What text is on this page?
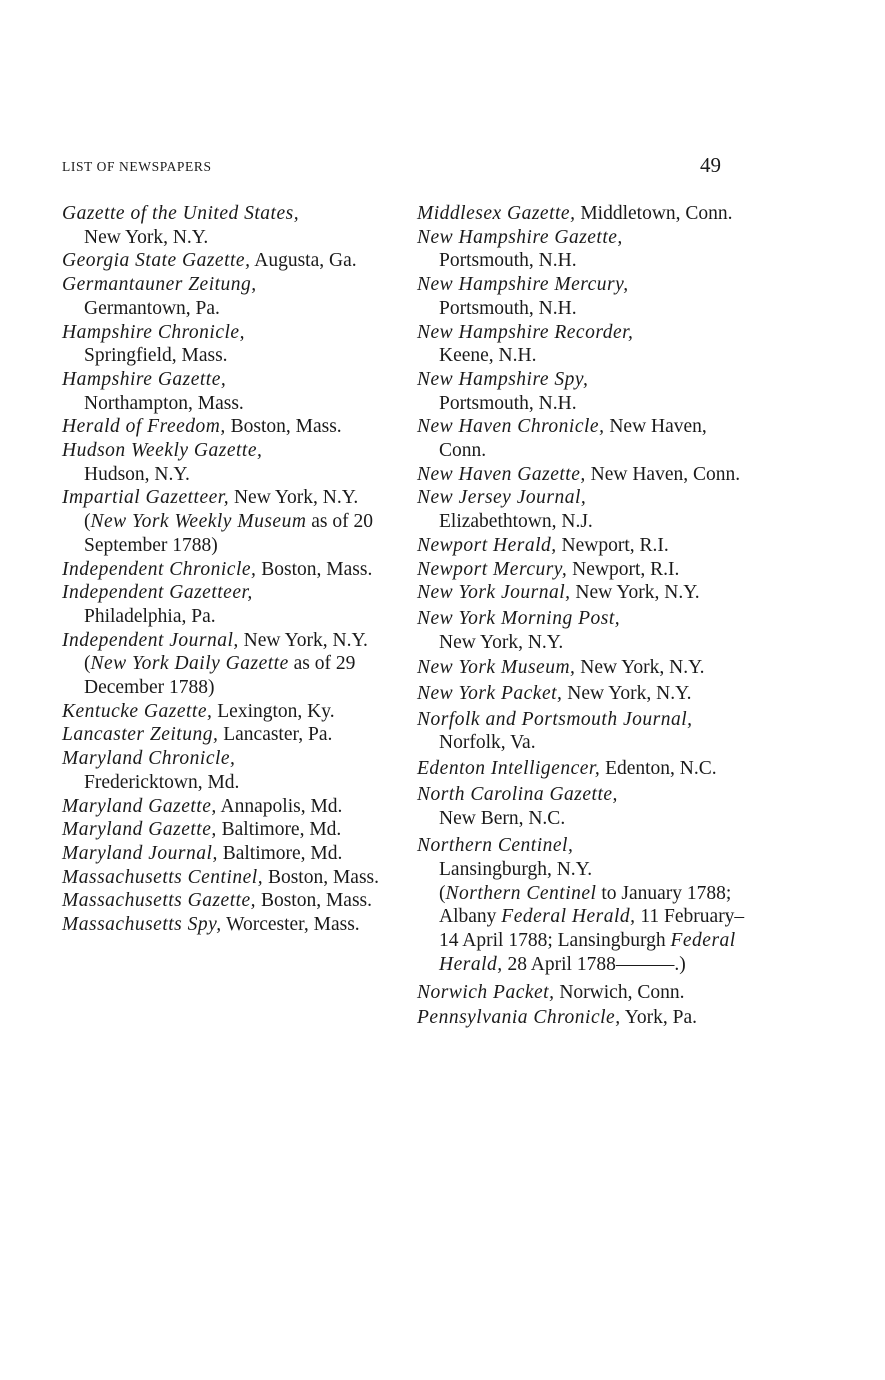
LIST OF NEWSPAPERS	49

Gazette of the United States,
New York, N.Y.

Georgia State Gazette, Augusta, Ga.

Germantauner Zeitung,
Germantown, Pa.

Hampshire Chronicle,
Springfield, Mass.

Hampshire Gazette,
Northampton, Mass.

Herald of Freedom, Boston, Mass.

Hudson Weekly Gazette,
Hudson, N.Y.

Impartial Gazetteer, New York, N.Y. (New York Weekly Museum as of 20 September 1788)

Independent Chronicle, Boston, Mass.

Independent Gazetteer,
Philadelphia, Pa.

Independent Journal, New York, N.Y. (New York Daily Gazette as of 29 December 1788)

Kentucke Gazette, Lexington, Ky.

Lancaster Zeitung, Lancaster, Pa.

Maryland Chronicle,
Fredericktown, Md.

Maryland Gazette, Annapolis, Md.

Maryland Gazette, Baltimore, Md.

Maryland Journal, Baltimore, Md.

Massachusetts Centinel, Boston, Mass.

Massachusetts Gazette, Boston, Mass.

Massachusetts Spy, Worcester, Mass.

Middlesex Gazette, Middletown, Conn.

New Hampshire Gazette,
Portsmouth, N.H.

New Hampshire Mercury,
Portsmouth, N.H.

New Hampshire Recorder,
Keene, N.H.

New Hampshire Spy,
Portsmouth, N.H.

New Haven Chronicle, New Haven, Conn.

New Haven Gazette, New Haven, Conn.

New Jersey Journal,
Elizabethtown, N.J.

Newport Herald, Newport, R.I.

Newport Mercury, Newport, R.I.

New York Journal, New York, N.Y.

New York Morning Post,
New York, N.Y.

New York Museum, New York, N.Y.

New York Packet, New York, N.Y.

Norfolk and Portsmouth Journal, Norfolk, Va.

Edenton Intelligencer, Edenton, N.C.

North Carolina Gazette,
New Bern, N.C.

Northern Centinel,
Lansingburgh, N.Y.
(Northern Centinel to January 1788; Albany Federal Herald, 11 February–14 April 1788; Lansingburgh Federal Herald, 28 April 1788———.)

Norwich Packet, Norwich, Conn.

Pennsylvania Chronicle, York, Pa.
